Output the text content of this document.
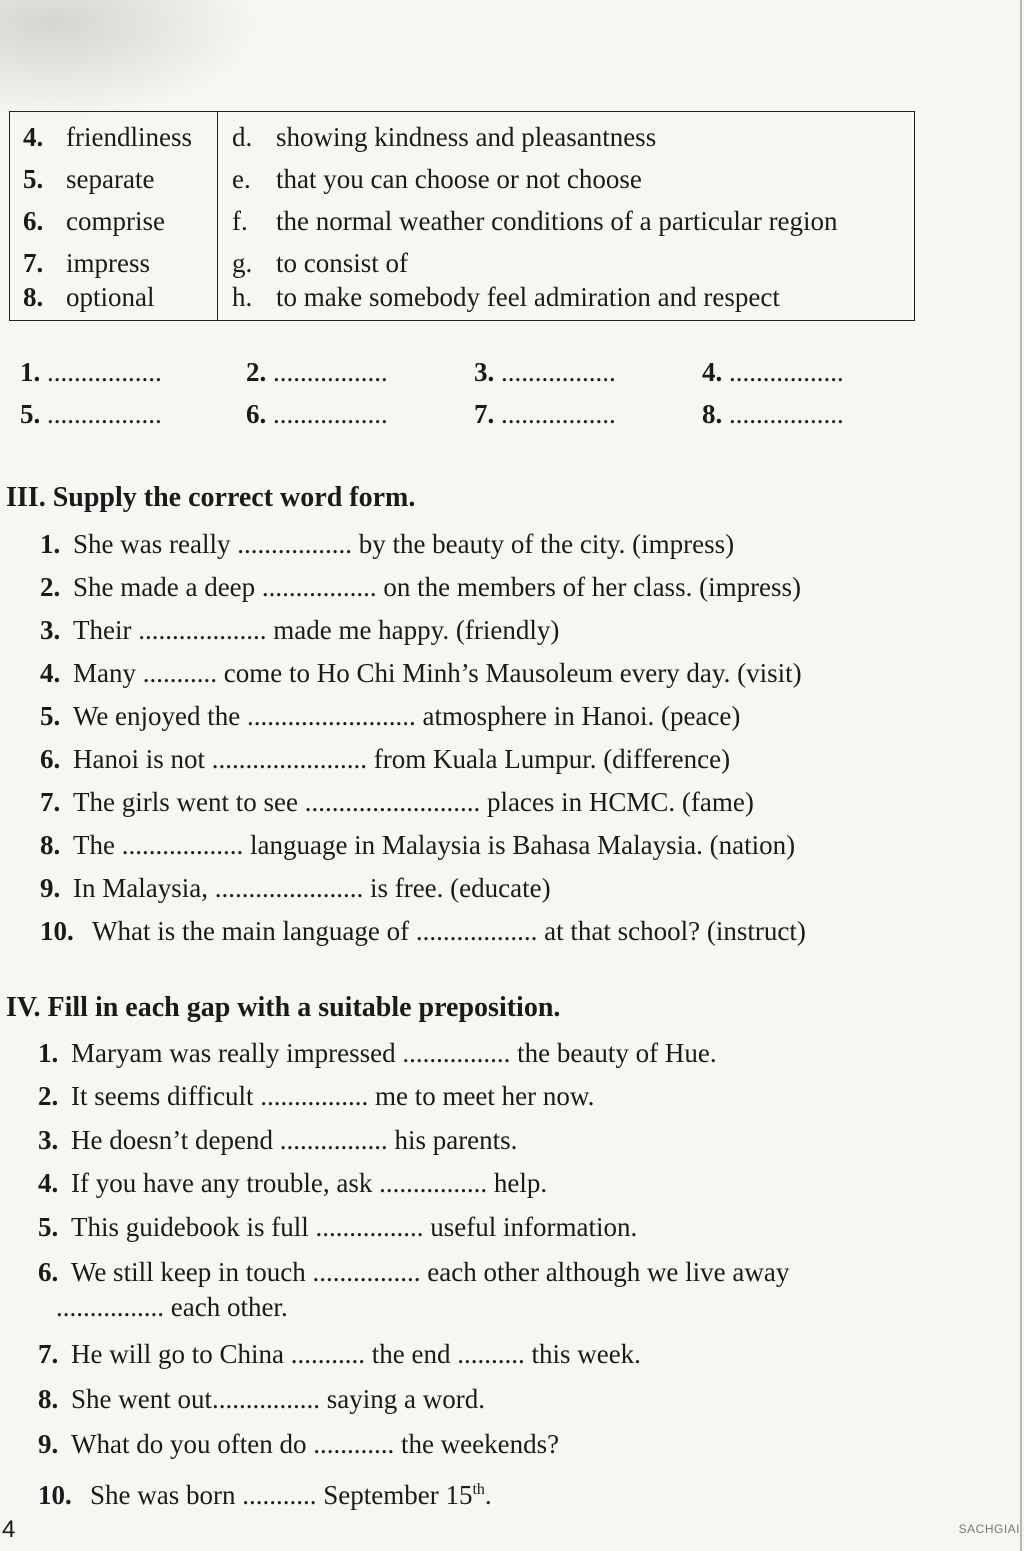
4. friendliness d. showing kindness and pleasantness
5. separate	e. that you can choose or not choose
6. comprise f. the normal weather conditions of a particular region
7. impress	g. to consist of
8. optional	h. to make somebody feel admiration and respect
1. .................	2. .................	3. .................	4. .................
5. .................	6. .................	7. .................	8. .................
III. Supply the correct word form.
1. She was really ................. by the beauty of the city. (impress)
2. She made a deep ................. on the members of her class. (impress)
3. Their ................... made me happy. (friendly)
4. Many ........... come to Ho Chi Minh’s Mausoleum every day. (visit)
5. We enjoyed the ......................... atmosphere in Hanoi. (peace)
6. Hanoi is not ....................... from Kuala Lumpur. (difference)
7. The girls went to see .......................... places in HCMC. (fame)
8. The .................. language in Malaysia is Bahasa Malaysia. (nation)
9. In Malaysia, ...................... is free. (educate)
10. What is the main language of .................. at that school? (instruct)
IV. Fill in each gap with a suitable preposition.
1. Maryam was really impressed ................ the beauty of Hue.
2. It seems difficult ................ me to meet her now.
3. He doesn’t depend ................ his parents.
4. If you have any trouble, ask ................ help.
5. This guidebook is full ................ useful information.
6. We still keep in touch ................ each other although we live away
................ each other.
7. He will go to China ........... the end .......... this week.
8. She went out................ saying a word.
9. What do you often do ............ the weekends?
10. She was born ........... September 15th.
4	SACHGIAI
